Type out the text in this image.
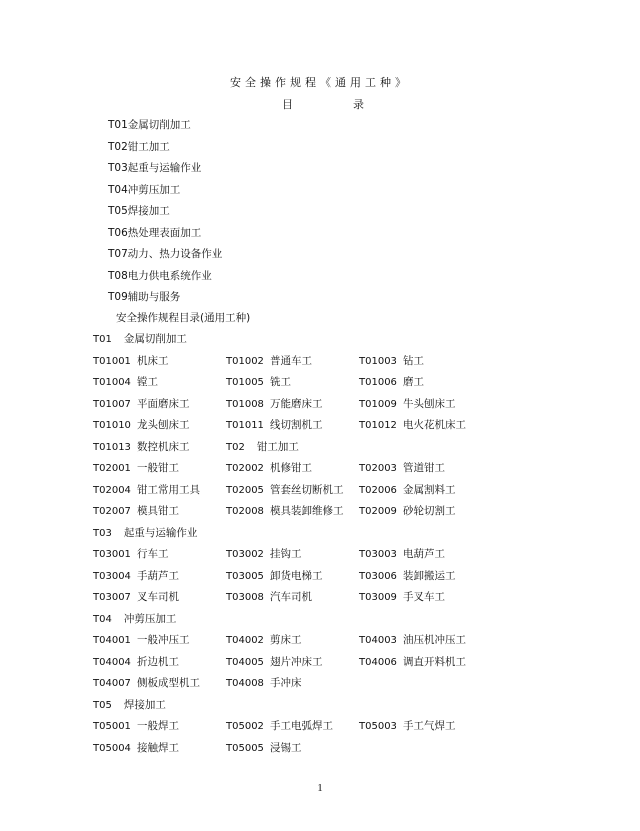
安全操作规程《通用工种》
目	录
T01金属切削加工
T02钳工加工
T03起重与运输作业
T04冲剪压加工
T05焊接加工
T06热处理表面加工
T07动力、热力设备作业
T08电力供电系统作业
T09辅助与服务
安全操作规程目录(通用工种)
T01 金属切削加工
T01001 机床工	T01002 普通车工	T01003 钻工
T01004 镗工	T01005 铣工	T01006 磨工
T01007 平面磨床工	T01008 万能磨床工	T01009 牛头刨床工
T01010 龙头刨床工	T01011 线切割机工	T01012 电火花机床工
T01013 数控机床工	T02 钳工加工
T02001 一般钳工	T02002 机修钳工	T02003 管道钳工
T02004 钳工常用工具	T02005 管套丝切断机工 T02006 金属割料工
T02007 模具钳工	T02008 模具装卸维修工 T02009 砂轮切割工
T03 起重与运输作业
T03001 行车工	T03002 挂钩工	T03003 电葫芦工
T03004 手葫芦工	T03005 卸货电梯工	T03006 装卸搬运工
T03007 叉车司机	T03008 汽车司机	T03009 手叉车工
T04 冲剪压加工
T04001 一般冲压工	T04002 剪床工	T04003 油压机冲压工
T04004 折边机工	T04005 翅片冲床工	T04006 调直开料机工
T04007 侧板成型机工	T04008 手冲床
T05 焊接加工
T05001 一般焊工	T05002 手工电弧焊工	T05003 手工气焊工
T05004 接触焊工	T05005 浸锡工
1
